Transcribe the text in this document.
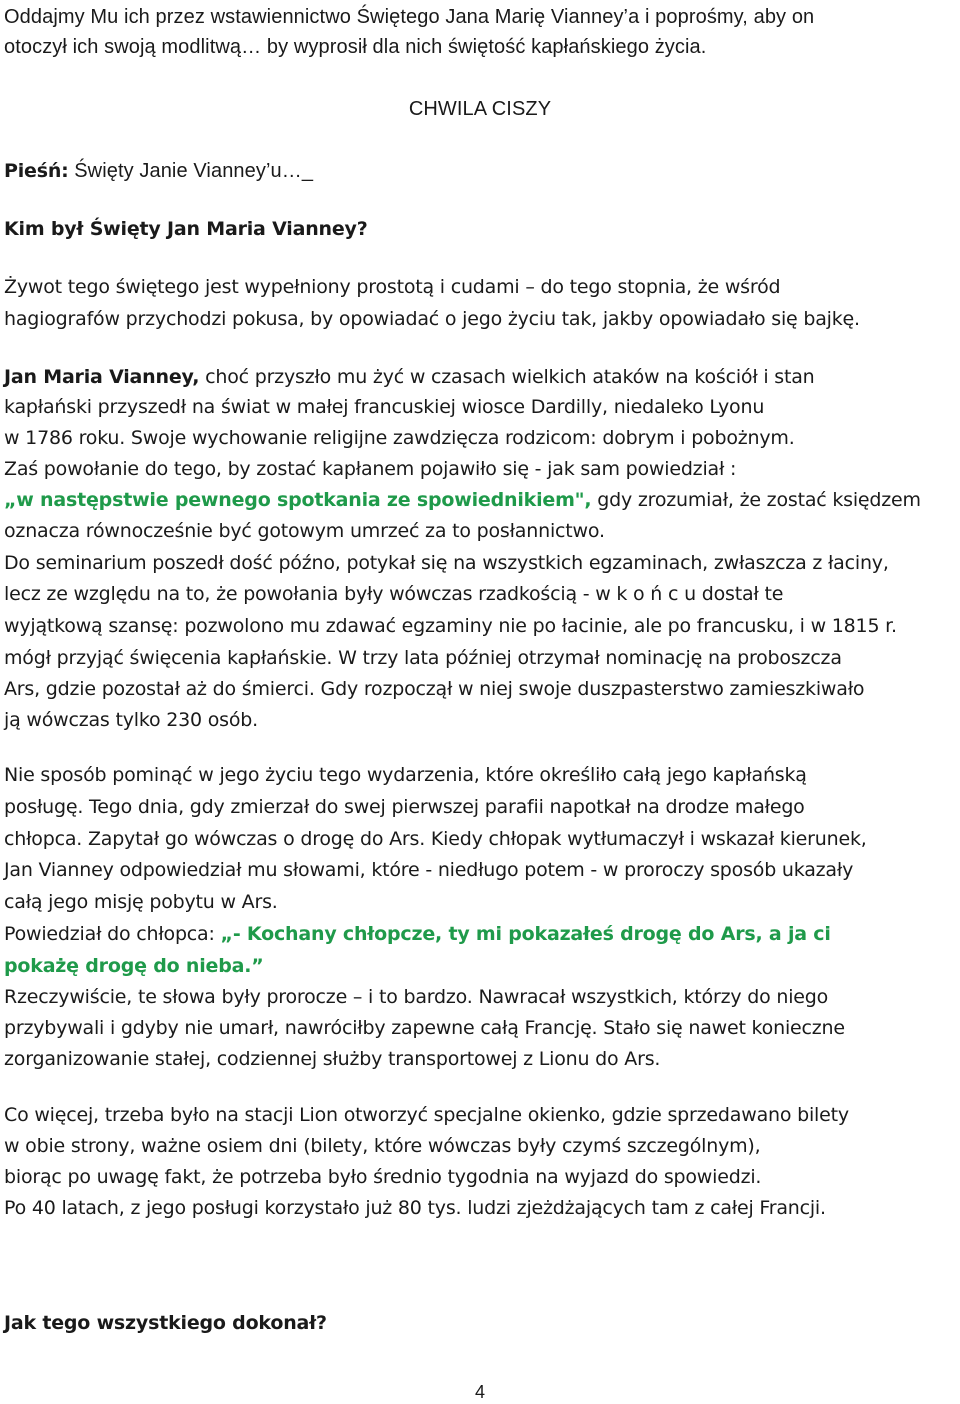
Oddajmy Mu ich przez wstawiennictwo Świętego Jana Marię Vianney’a i poprośmy, aby on
otoczył ich swoją modlitwą… by wyprosił dla nich świętość kapłańskiego życia.
CHWILA CISZY
Pieśń: Święty Janie Vianney’u…_
Kim był Święty Jan Maria Vianney?
Żywot tego świętego jest wypełniony prostotą i cudami – do tego stopnia, że wśród
hagiografów przychodzi pokusa, by opowiadać o jego życiu tak, jakby opowiadało się bajkę.
Jan Maria Vianney, choć przyszło mu żyć w czasach wielkich ataków na kościół i stan
kapłański przyszedł na świat w małej francuskiej wiosce Dardilly, niedaleko Lyonu
w 1786 roku. Swoje wychowanie religijne zawdzięcza rodzicom: dobrym i pobożnym.
Zaś powołanie do tego, by zostać kapłanem pojawiło się - jak sam powiedział :
„w następstwie pewnego spotkania ze spowiednikiem", gdy zrozumiał, że zostać księdzem
oznacza równocześnie być gotowym umrzeć za to posłannictwo.
Do seminarium poszedł dość późno, potykał się na wszystkich egzaminach, zwłaszcza z łaciny,
lecz ze względu na to, że powołania były wówczas rzadkością - w k o ń c u dostał te
wyjątkową szansę: pozwolono mu zdawać egzaminy nie po łacinie, ale po francusku, i w 1815 r.
mógł przyjąć święcenia kapłańskie. W trzy lata później otrzymał nominację na proboszcza
Ars, gdzie pozostał aż do śmierci. Gdy rozpoczął w niej swoje duszpasterstwo zamieszkiwało
ją wówczas tylko 230 osób.
Nie sposób pominąć w jego życiu tego wydarzenia, które określiło całą jego kapłańską
posługę. Tego dnia, gdy zmierzał do swej pierwszej parafii napotkał na drodze małego
chłopca. Zapytał go wówczas o drogę do Ars. Kiedy chłopak wytłumaczył i wskazał kierunek,
Jan Vianney odpowiedział mu słowami, które - niedługo potem - w proroczy sposób ukazały
całą jego misję pobytu w Ars.
Powiedział do chłopca: „- Kochany chłopcze, ty mi pokazałeś drogę do Ars, a ja ci
pokażę drogę do nieba.”
Rzeczywiście, te słowa były prorocze – i to bardzo. Nawracał wszystkich, którzy do niego
przybywali i gdyby nie umarł, nawróciłby zapewne całą Francję. Stało się nawet konieczne
zorganizowanie stałej, codziennej służby transportowej z Lionu do Ars.
Co więcej, trzeba było na stacji Lion otworzyć specjalne okienko, gdzie sprzedawano bilety
w obie strony, ważne osiem dni (bilety, które wówczas były czymś szczególnym),
biorąc po uwagę fakt, że potrzeba było średnio tygodnia na wyjazd do spowiedzi.
Po 40 latach, z jego posługi korzystało już 80 tys. ludzi zjeżdżających tam z całej Francji.
Jak tego wszystkiego dokonał?
4
